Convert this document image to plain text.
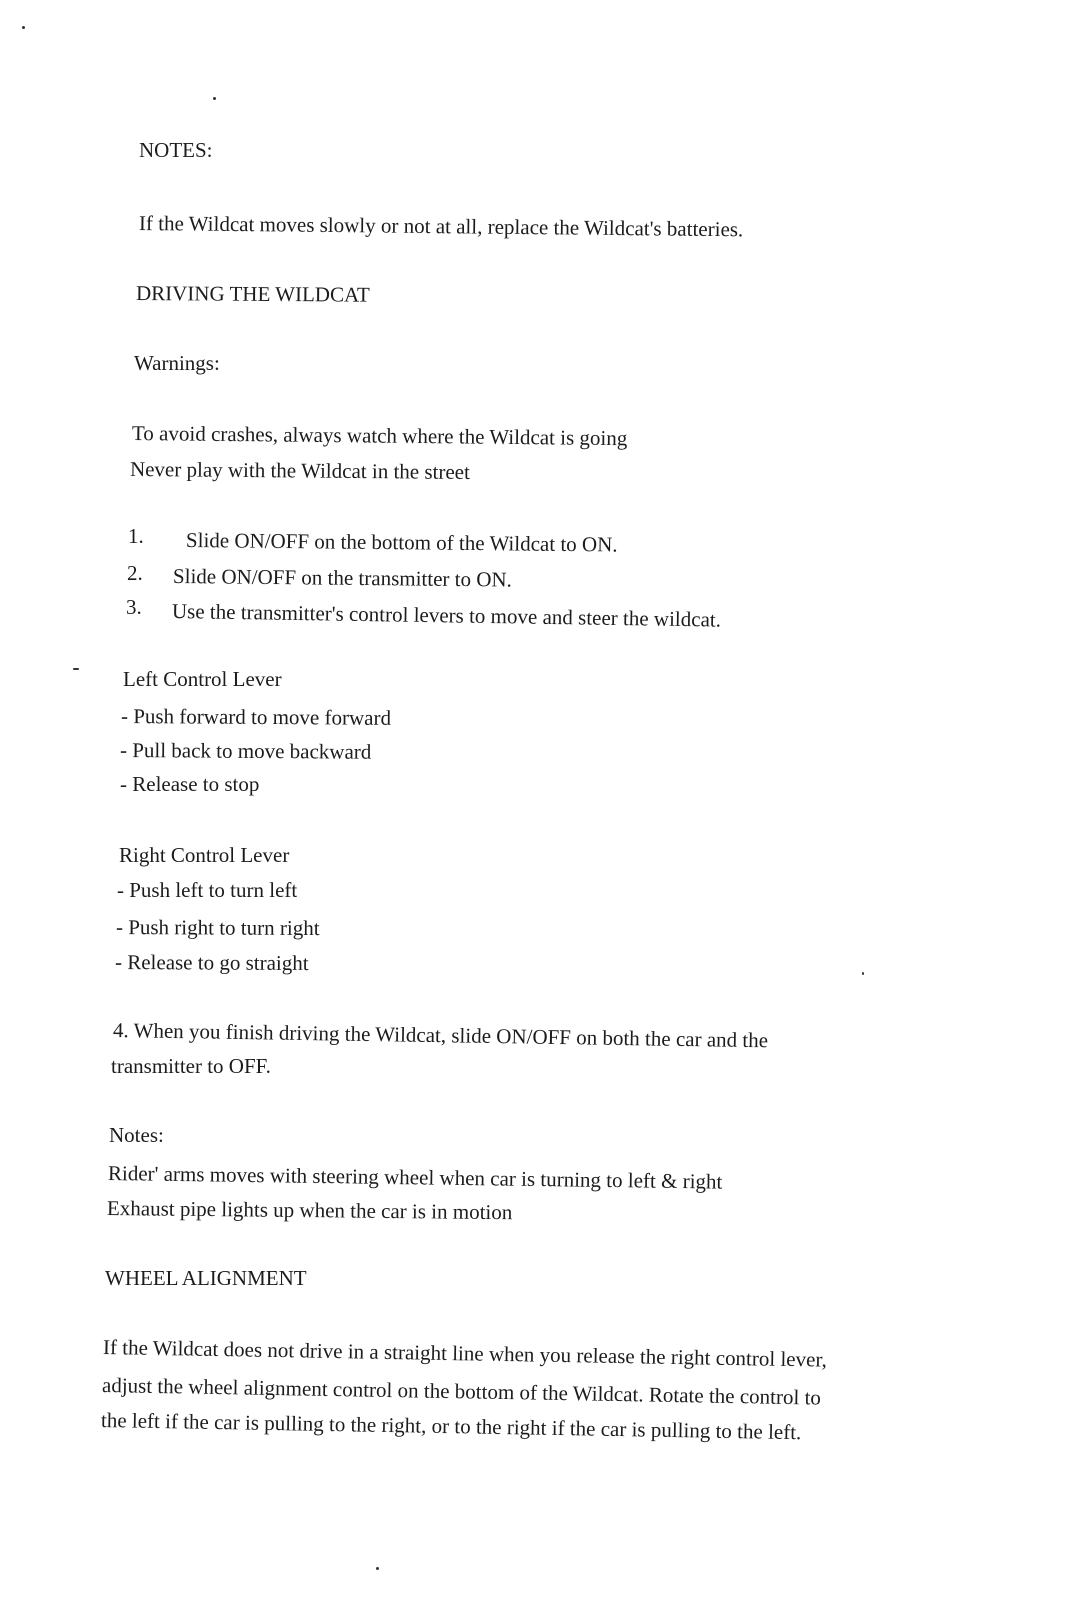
NOTES:
If the Wildcat moves slowly or not at all, replace the Wildcat's batteries.
DRIVING THE WILDCAT
Warnings:
To avoid crashes, always watch where the Wildcat is going
Never play with the Wildcat in the street
1. Slide ON/OFF on the bottom of the Wildcat to ON.
2. Slide ON/OFF on the transmitter to ON.
3. Use the transmitter's control levers to move and steer the wildcat.
Left Control Lever
- Push forward to move forward
- Pull back to move backward
- Release to stop
Right Control Lever
- Push left to turn left
- Push right to turn right
- Release to go straight
4. When you finish driving the Wildcat, slide ON/OFF on both the car and the
transmitter to OFF.
Notes:
Rider' arms moves with steering wheel when car is turning to left & right
Exhaust pipe lights up when the car is in motion
WHEEL ALIGNMENT
If the Wildcat does not drive in a straight line when you release the right control lever,
adjust the wheel alignment control on the bottom of the Wildcat. Rotate the control to
the left if the car is pulling to the right, or to the right if the car is pulling to the left.
